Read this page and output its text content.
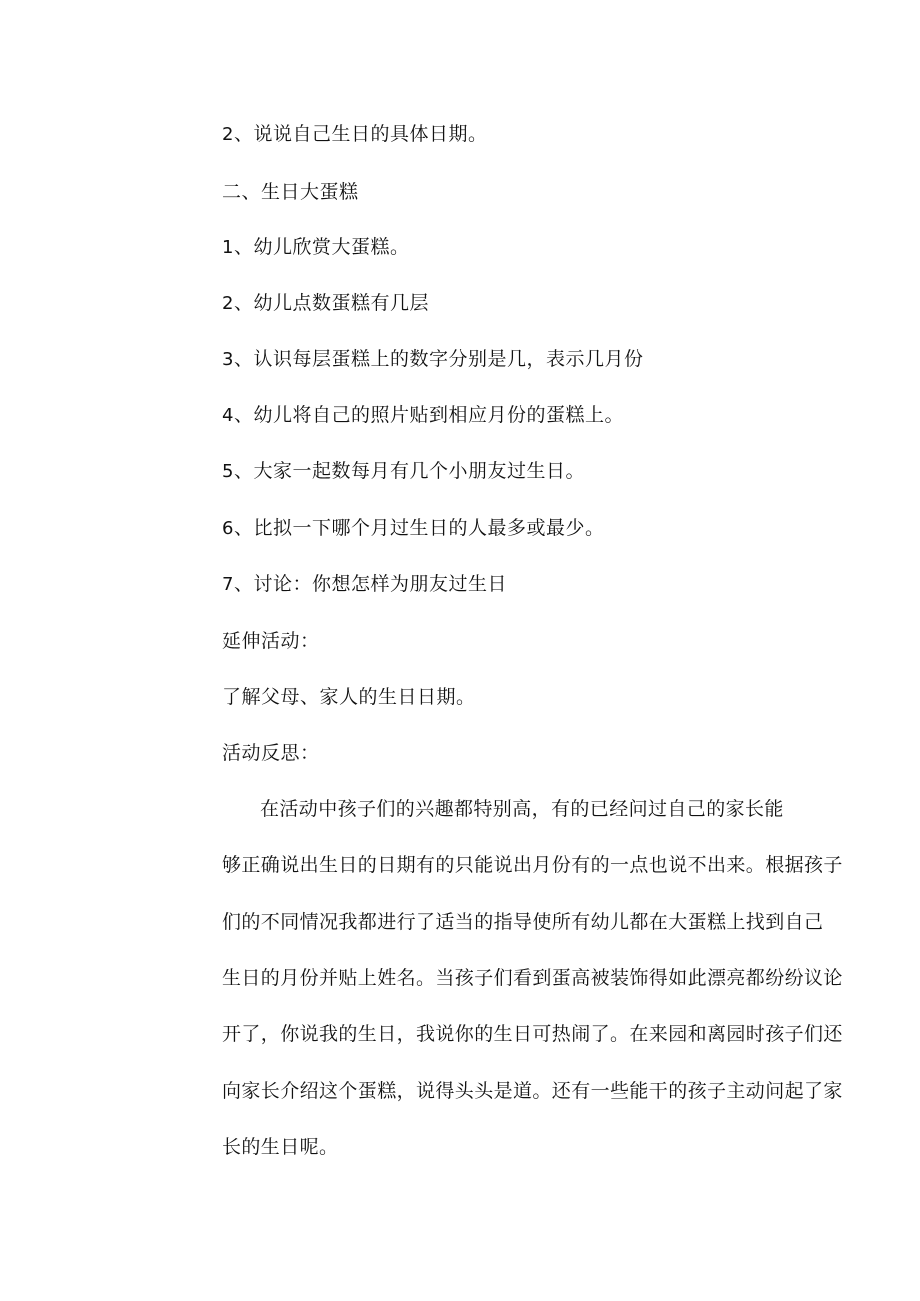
2、说说自己生日的具体日期。
二、生日大蛋糕
1、幼儿欣赏大蛋糕。
2、幼儿点数蛋糕有几层
3、认识每层蛋糕上的数字分别是几，表示几月份
4、幼儿将自己的照片贴到相应月份的蛋糕上。
5、大家一起数每月有几个小朋友过生日。
6、比拟一下哪个月过生日的人最多或最少。
7、讨论：你想怎样为朋友过生日
延伸活动：
了解父母、家人的生日日期。
活动反思：
在活动中孩子们的兴趣都特别高，有的已经问过自己的家长能
够正确说出生日的日期有的只能说出月份有的一点也说不出来。根据孩子
们的不同情况我都进行了适当的指导使所有幼儿都在大蛋糕上找到自己
生日的月份并贴上姓名。当孩子们看到蛋高被装饰得如此漂亮都纷纷议论
开了，你说我的生日，我说你的生日可热闹了。在来园和离园时孩子们还
向家长介绍这个蛋糕，说得头头是道。还有一些能干的孩子主动问起了家
长的生日呢。
